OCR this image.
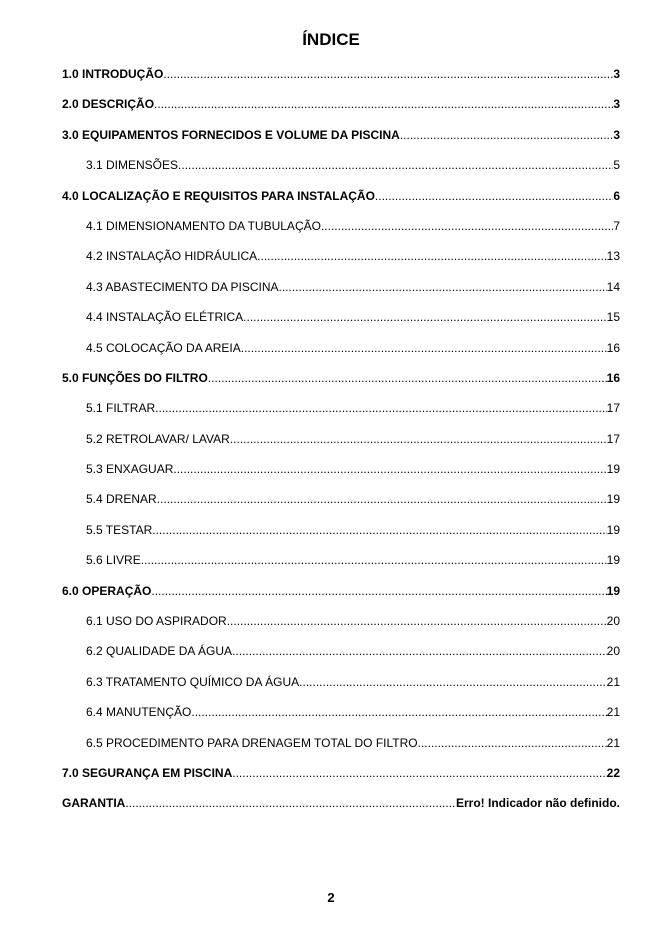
ÍNDICE
1.0 INTRODUÇÃO .....	3
2.0 DESCRIÇÃO .....	3
3.0 EQUIPAMENTOS FORNECIDOS E VOLUME DA PISCINA .....	3
3.1 DIMENSÕES .....	5
4.0 LOCALIZAÇÃO E REQUISITOS PARA INSTALAÇÃO .....	6
4.1 DIMENSIONAMENTO DA TUBULAÇÃO .....	7
4.2 INSTALAÇÃO HIDRÁULICA .....	13
4.3 ABASTECIMENTO DA PISCINA .....	14
4.4 INSTALAÇÃO ELÉTRICA .....	15
4.5 COLOCAÇÃO DA AREIA .....	16
5.0 FUNÇÕES DO FILTRO .....	16
5.1 FILTRAR .....	17
5.2 RETROLAVAR/ LAVAR .....	17
5.3 ENXAGUAR .....	19
5.4 DRENAR .....	19
5.5 TESTAR .....	19
5.6 LIVRE .....	19
6.0 OPERAÇÃO .....	19
6.1 USO DO ASPIRADOR .....	20
6.2 QUALIDADE DA ÁGUA .....	20
6.3 TRATAMENTO QUÍMICO DA ÁGUA .....	21
6.4 MANUTENÇÃO .....	21
6.5 PROCEDIMENTO PARA DRENAGEM TOTAL DO FILTRO .....	21
7.0 SEGURANÇA EM PISCINA .....	22
GARANTIA .....	Erro! Indicador não definido.
2
